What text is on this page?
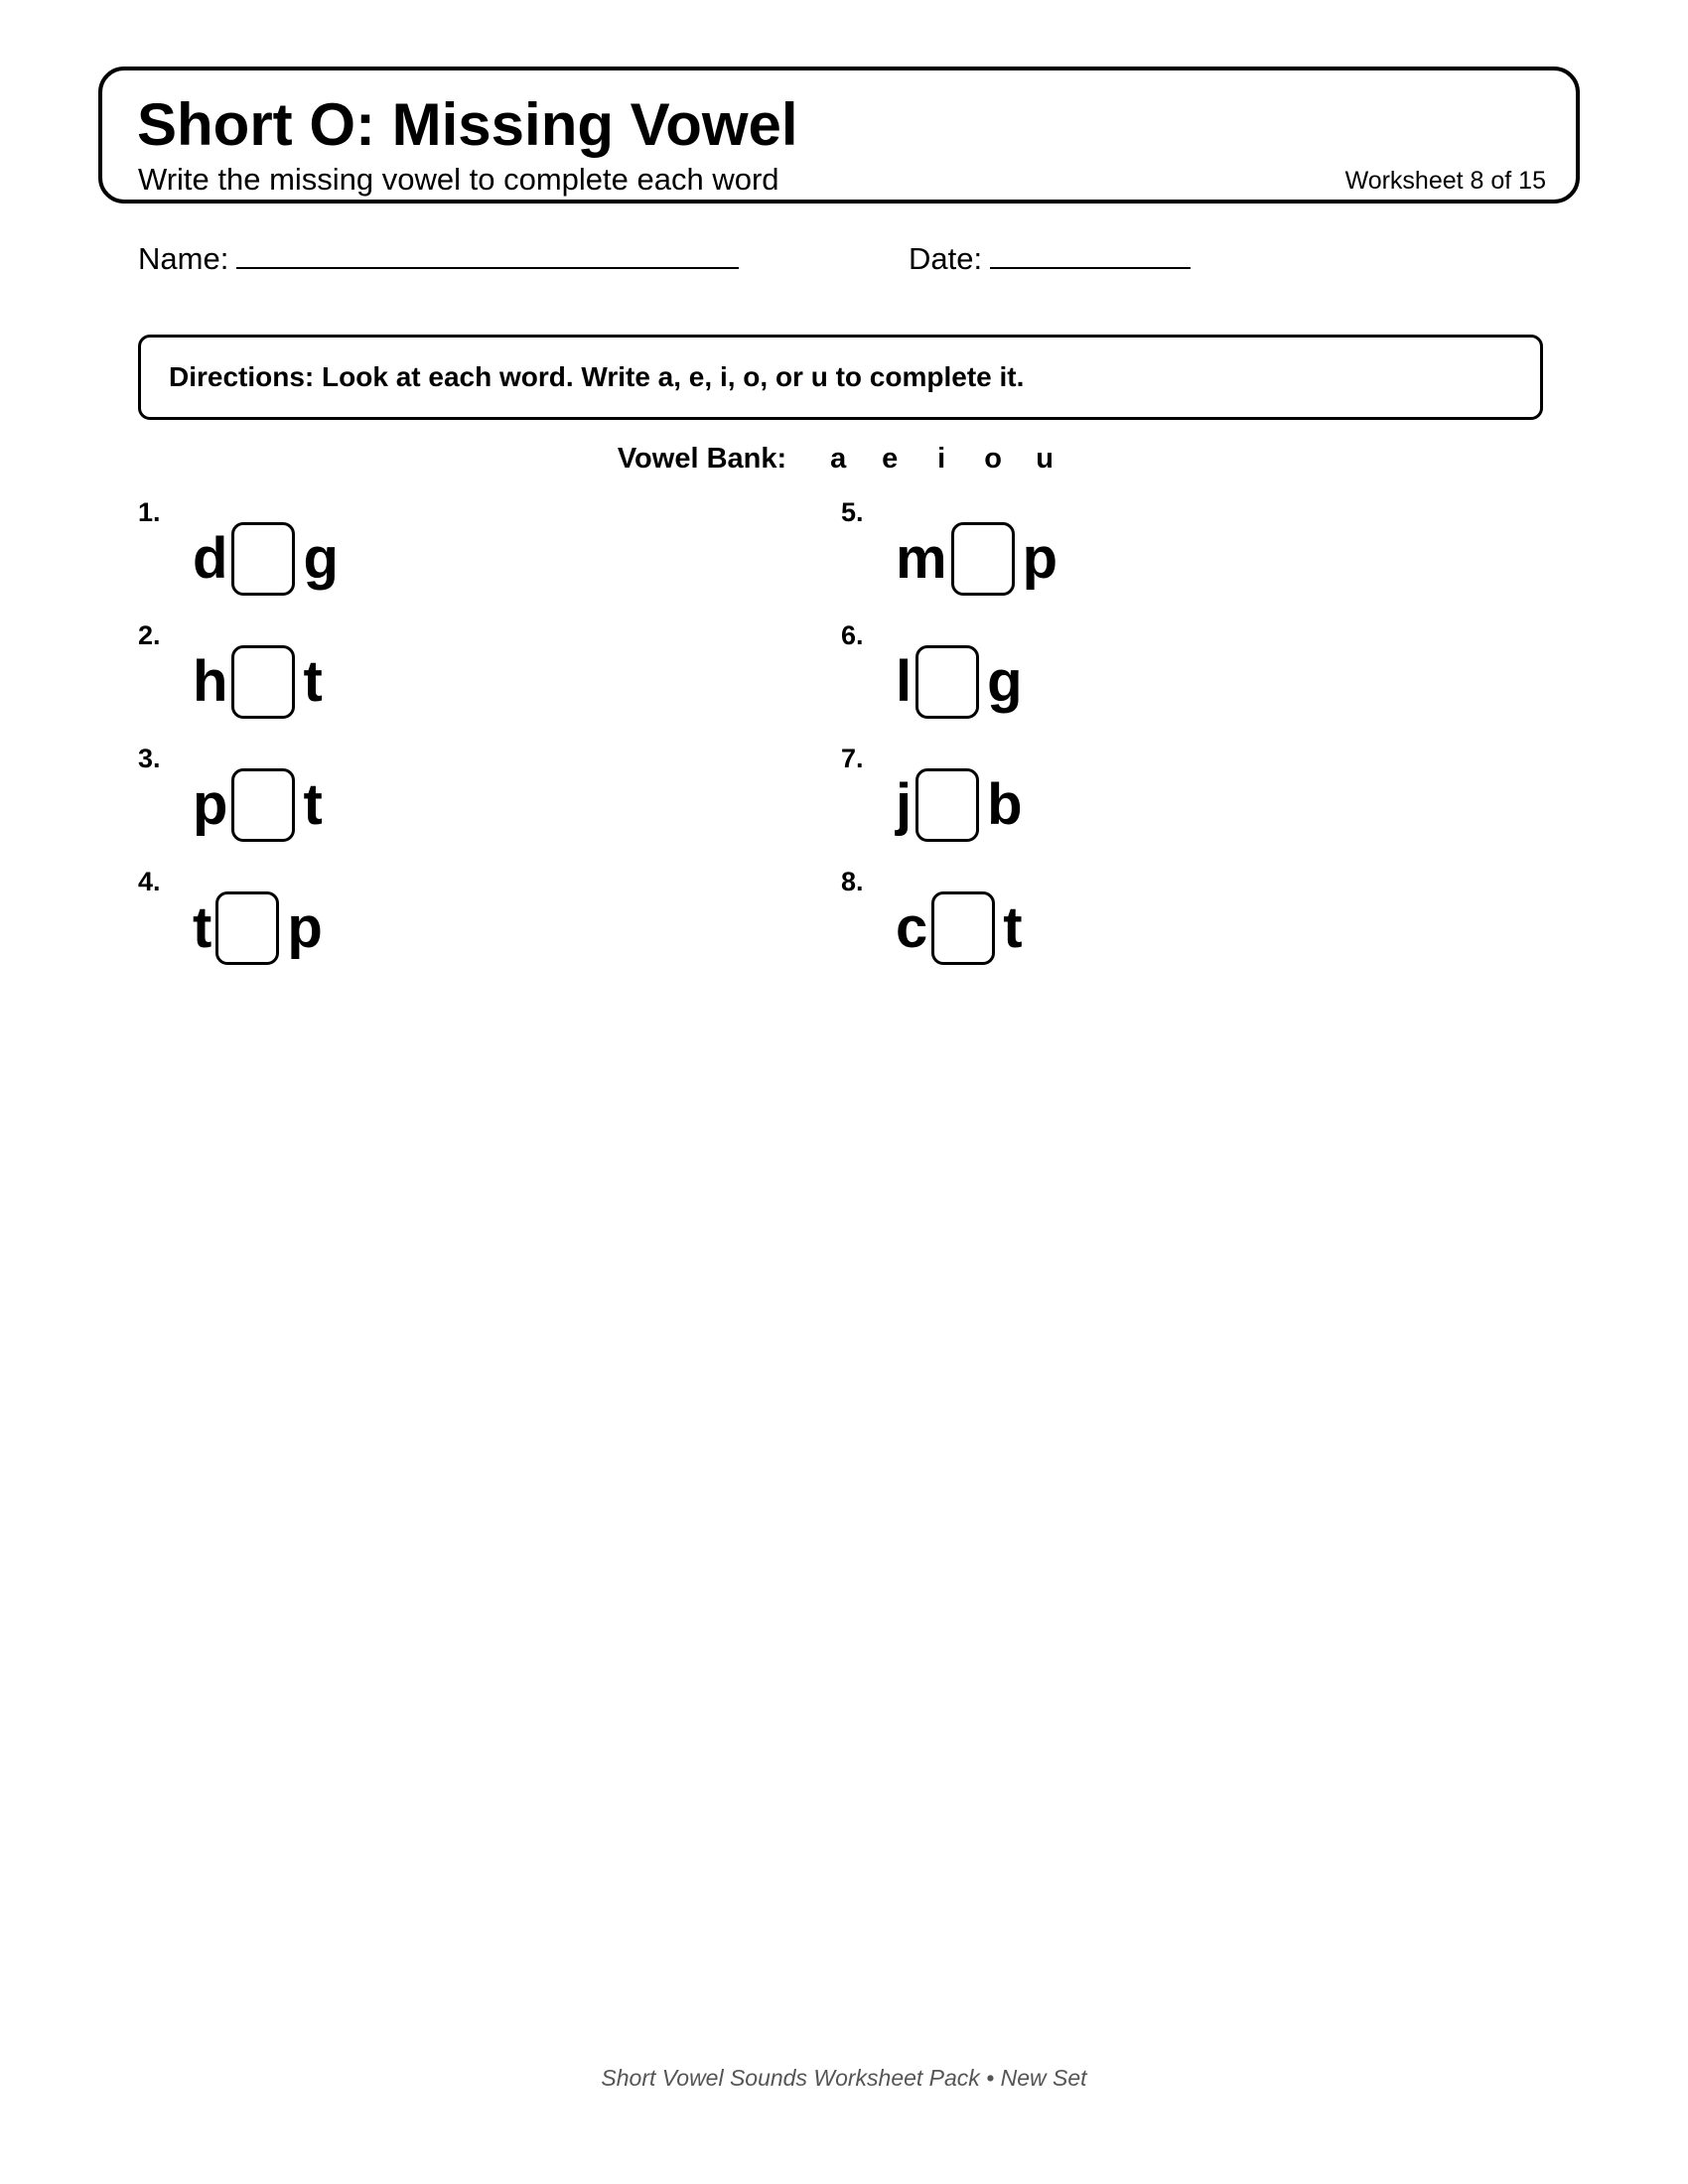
Short O: Missing Vowel
Write the missing vowel to complete each word	Worksheet 8 of 15
Name:	Date:
Directions: Look at each word. Write a, e, i, o, or u to complete it.
Vowel Bank: a e i o u
1.
d g
2.
h t
3.
p t
4.
t p
5.
m p
6.
l g
7.
j b
8.
c t
Short Vowel Sounds Worksheet Pack • New Set
